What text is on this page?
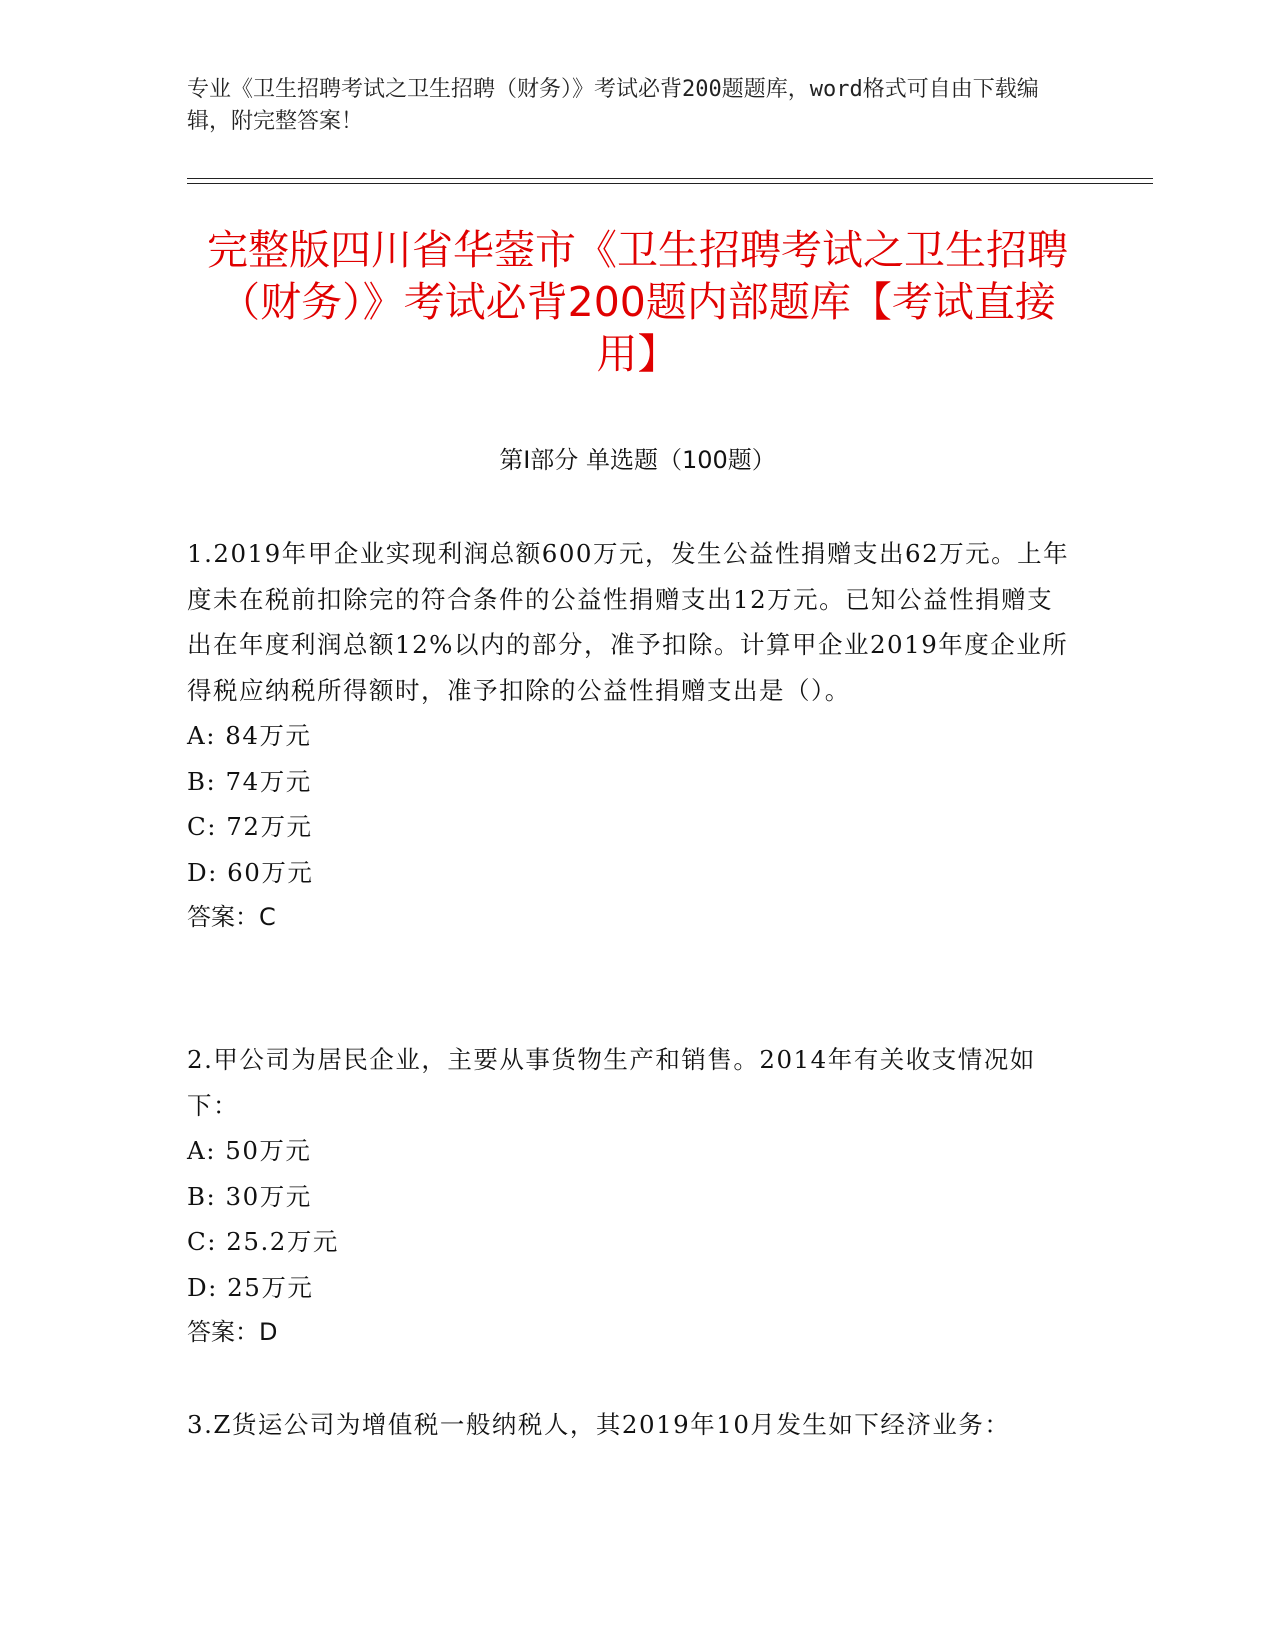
专业《卫生招聘考试之卫生招聘（财务）》考试必背200题题库，word格式可自由下载编辑，附完整答案！
完整版四川省华蓥市《卫生招聘考试之卫生招聘（财务）》考试必背200题内部题库【考试直接用】
第I部分 单选题（100题）
1.2019年甲企业实现利润总额600万元，发生公益性捐赠支出62万元。上年度未在税前扣除完的符合条件的公益性捐赠支出12万元。已知公益性捐赠支出在年度利润总额12%以内的部分，准予扣除。计算甲企业2019年度企业所得税应纳税所得额时，准予扣除的公益性捐赠支出是（）。
A: 84万元
B: 74万元
C: 72万元
D: 60万元
答案：C
2.甲公司为居民企业，主要从事货物生产和销售。2014年有关收支情况如下：
A: 50万元
B: 30万元
C: 25.2万元
D: 25万元
答案：D
3.Z货运公司为增值税一般纳税人，其2019年10月发生如下经济业务：
